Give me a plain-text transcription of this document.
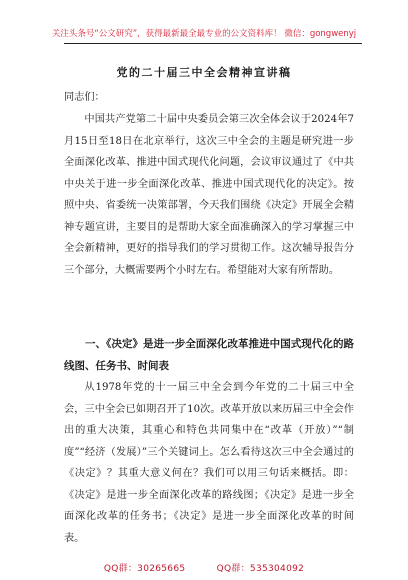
关注头条号“公文研究”，获得最新最全最专业的公文资料库！ 微信：gongwenyj
党的二十届三中全会精神宣讲稿
同志们：
中国共产党第二十届中央委员会第三次全体会议于2024年7月15日至18日在北京举行，这次三中全会的主题是研究进一步全面深化改革、推进中国式现代化问题，会议审议通过了《中共中央关于进一步全面深化改革、推进中国式现代化的决定》。按照中央、省委统一决策部署，今天我们围绕《决定》开展全会精神专题宣讲，主要目的是帮助大家全面准确深入的学习掌握三中全会新精神，更好的指导我们的学习贯彻工作。这次辅导报告分三个部分，大概需要两个小时左右。希望能对大家有所帮助。
一、《决定》是进一步全面深化改革推进中国式现代化的路线图、任务书、时间表
从1978年党的十一届三中全会到今年党的二十届三中全会，三中全会已如期召开了10次。改革开放以来历届三中全会作出的重大决策，其重心和特色共同集中在“改革（开放）”“制度”“经济（发展）”三个关键词上。怎么看待这次三中全会通过的《决定》？其重大意义何在？我们可以用三句话来概括。即：《决定》是进一步全面深化改革的路线图；《决定》是进一步全面深化改革的任务书；《决定》是进一步全面深化改革的时间表。
QQ群：30265665	QQ群：535304092
